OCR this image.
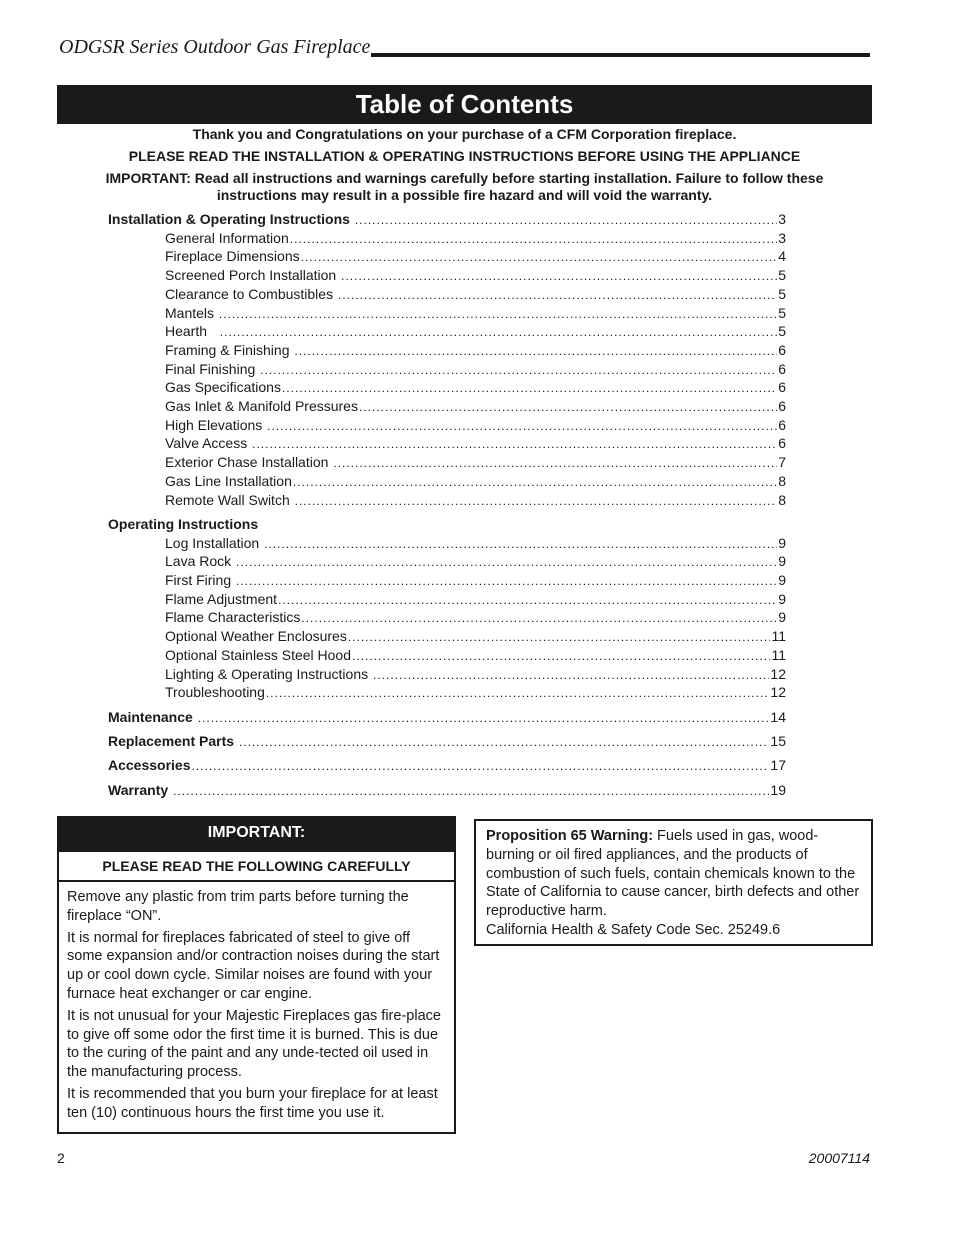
ODGSR Series Outdoor Gas Fireplace
Table of Contents
Thank you and Congratulations on your purchase of a CFM Corporation fireplace.
PLEASE READ THE INSTALLATION & OPERATING INSTRUCTIONS BEFORE USING THE APPLIANCE
IMPORTANT: Read all instructions and warnings carefully before starting installation. Failure to follow these
instructions may result in a possible fire hazard and will void the warranty.
Installation & Operating Instructions .....	3
General Information .....	3
Fireplace Dimensions .....	4
Screened Porch Installation .....	5
Clearance to Combustibles .....	5
Mantels .....	5
Hearth .....	5
Framing & Finishing .....	6
Final Finishing .....	6
Gas Specifications .....	6
Gas Inlet & Manifold Pressures .....	6
High Elevations .....	6
Valve Access .....	6
Exterior Chase Installation .....	7
Gas Line Installation .....	8
Remote Wall Switch .....	8
Operating Instructions
Log Installation .....	9
Lava Rock .....	9
First Firing .....	9
Flame Adjustment .....	9
Flame Characteristics .....	9
Optional Weather Enclosures .....	11
Optional Stainless Steel Hood .....	11
Lighting & Operating Instructions .....	12
Troubleshooting .....	12
Maintenance .....	14
Replacement Parts .....	15
Accessories .....	17
Warranty .....	19
IMPORTANT:
PLEASE READ THE FOLLOWING CAREFULLY

Remove any plastic from trim parts before turning the fireplace “ON”.

It is normal for fireplaces fabricated of steel to give off some expansion and/or contraction noises during the start up or cool down cycle. Similar noises are found with your furnace heat exchanger or car engine.

It is not unusual for your Majestic Fireplaces gas fire-place to give off some odor the first time it is burned. This is due to the curing of the paint and any unde-tected oil used in the manufacturing process.

It is recommended that you burn your fireplace for at least ten (10) continuous hours the first time you use it.

Proposition 65 Warning: Fuels used in gas, wood-burning or oil fired appliances, and the products of combustion of such fuels, contain chemicals known to the State of California to cause cancer, birth defects and other reproductive harm.

California Health & Safety Code Sec. 25249.6

2	20007114
